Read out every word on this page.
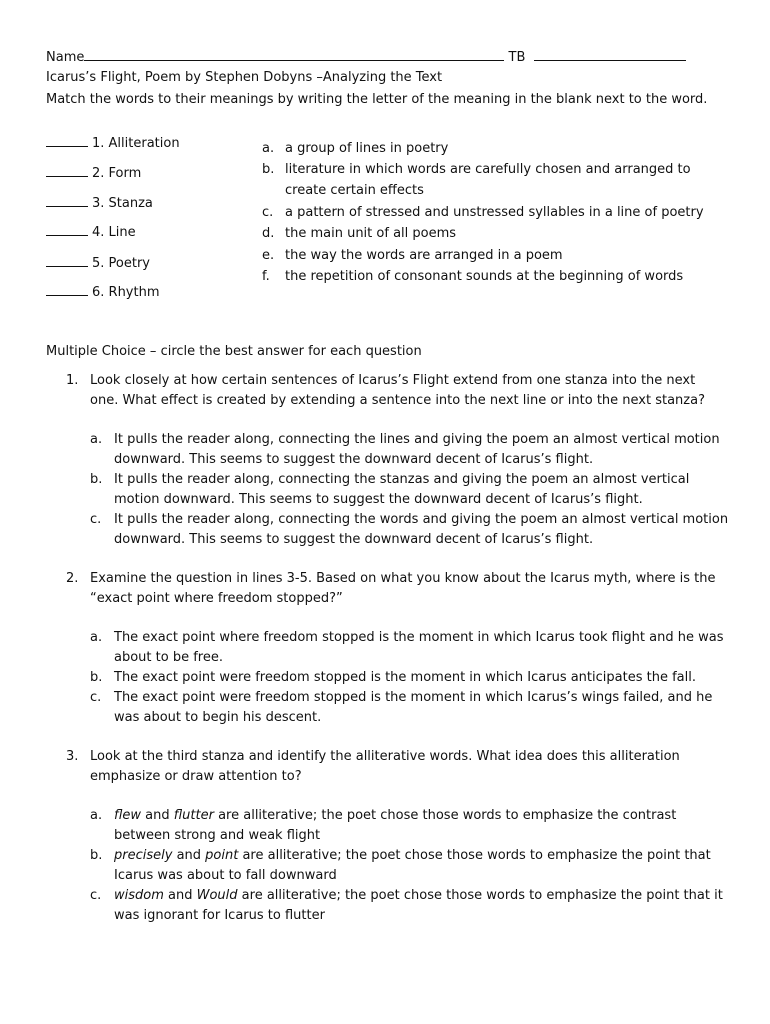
Name	TB
Icarus’s Flight, Poem by Stephen Dobyns –Analyzing the Text
Match the words to their meanings by writing the letter of the meaning in the blank next to the word.
1. Alliteration
2. Form
3. Stanza
4. Line
5. Poetry
6. Rhythm
a. a group of lines in poetry
b. literature in which words are carefully chosen and arranged to
create certain effects
c. a pattern of stressed and unstressed syllables in a line of poetry
d. the main unit of all poems
e. the way the words are arranged in a poem
f. the repetition of consonant sounds at the beginning of words
Multiple Choice – circle the best answer for each question
1. Look closely at how certain sentences of Icarus’s Flight extend from one stanza into the next one. What effect is created by extending a sentence into the next line or into the next stanza?
a. It pulls the reader along, connecting the lines and giving the poem an almost vertical motion downward. This seems to suggest the downward decent of Icarus’s flight.
b. It pulls the reader along, connecting the stanzas and giving the poem an almost vertical motion downward. This seems to suggest the downward decent of Icarus’s flight.
c. It pulls the reader along, connecting the words and giving the poem an almost vertical motion downward. This seems to suggest the downward decent of Icarus’s flight.
2. Examine the question in lines 3-5. Based on what you know about the Icarus myth, where is the “exact point where freedom stopped?”
a. The exact point where freedom stopped is the moment in which Icarus took flight and he was about to be free.
b. The exact point were freedom stopped is the moment in which Icarus anticipates the fall.
c. The exact point were freedom stopped is the moment in which Icarus’s wings failed, and he was about to begin his descent.
3. Look at the third stanza and identify the alliterative words. What idea does this alliteration emphasize or draw attention to?
a. flew and flutter are alliterative; the poet chose those words to emphasize the contrast between strong and weak flight
b. precisely and point are alliterative; the poet chose those words to emphasize the point that Icarus was about to fall downward
c. wisdom and Would are alliterative; the poet chose those words to emphasize the point that it was ignorant for Icarus to flutter
